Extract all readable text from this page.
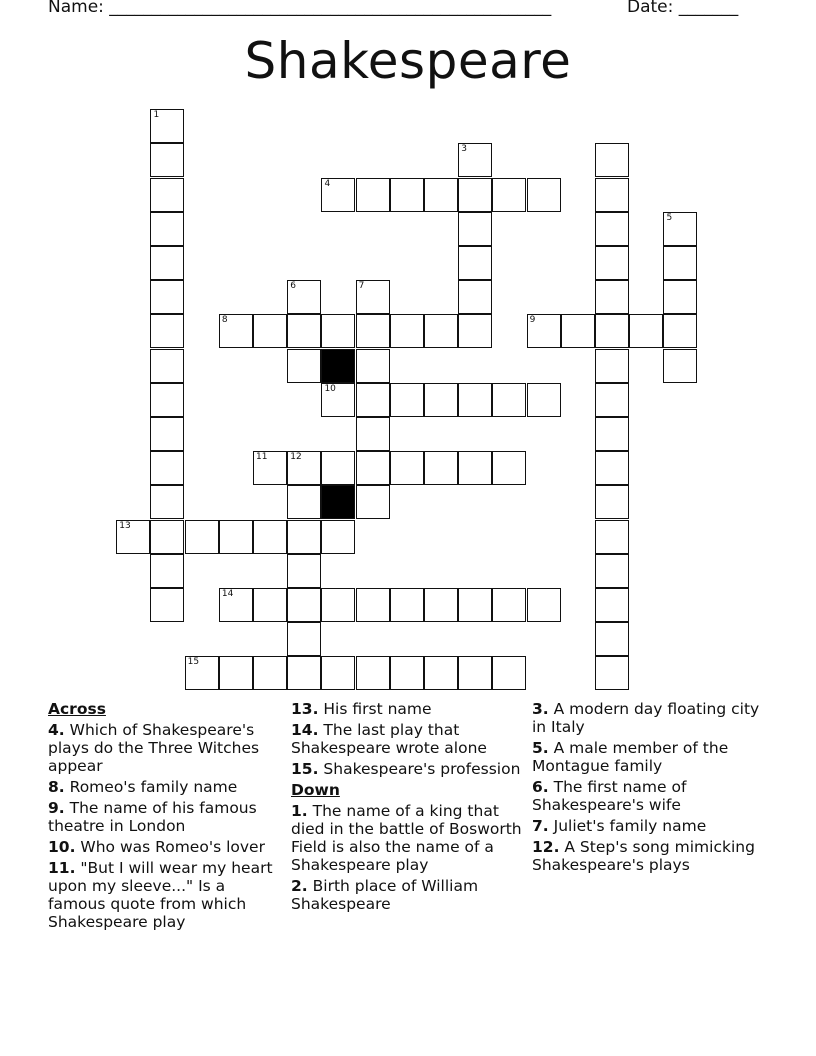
Name: ____________________________________________________	Date: _______
Shakespeare
1
3
4
5
6	7
8	9
10
11	12
13
14
15
Across
4. Which of Shakespeare's plays do the Three Witches appear
8. Romeo's family name
9. The name of his famous theatre in London
10. Who was Romeo's lover
11. "But I will wear my heart upon my sleeve..." Is a famous quote from which Shakespeare play
13. His first name
14. The last play that Shakespeare wrote alone
15. Shakespeare's profession
Down
1. The name of a king that died in the battle of Bosworth Field is also the name of a Shakespeare play
2. Birth place of William Shakespeare
3. A modern day floating city in Italy
5. A male member of the Montague family
6. The first name of Shakespeare's wife
7. Juliet's family name
12. A Step's song mimicking Shakespeare's plays
